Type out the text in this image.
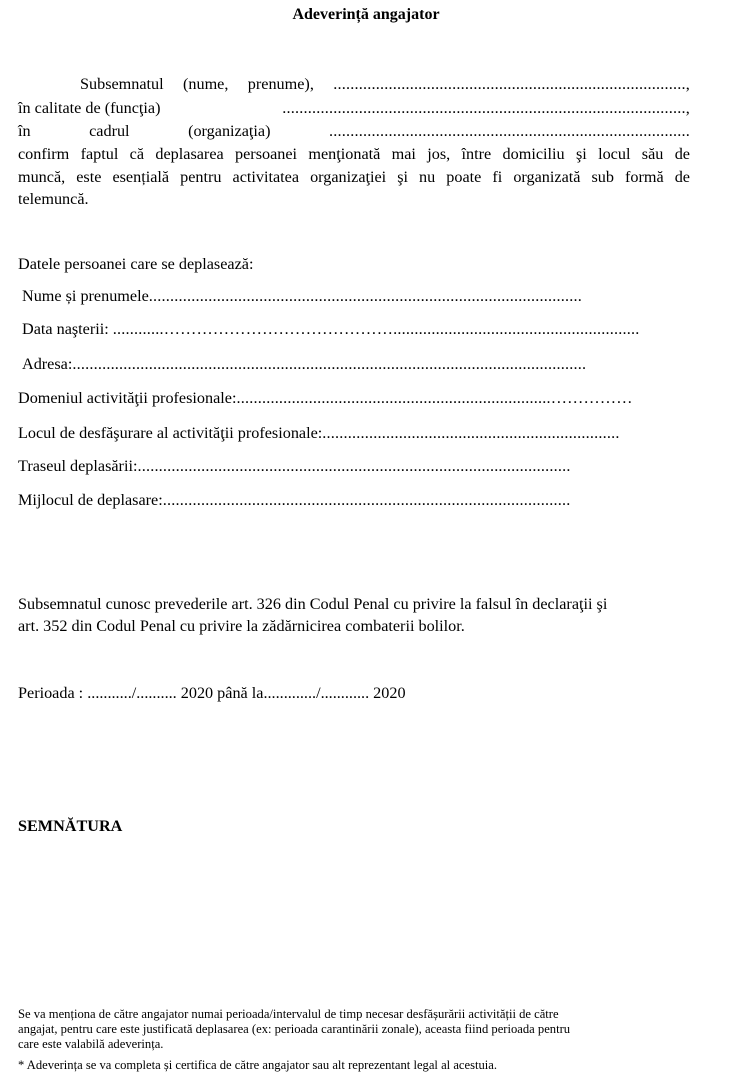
Adeverință angajator
Subsemnatul (nume, prenume), ...................................................................................,
în calitate de (funcţia)	...............................................................................................,
în	cadrul	(organizaţia)	.....................................................................................
confirm faptul că deplasarea persoanei menţionată mai jos, între domiciliu şi locul său de
muncă, este esențială pentru activitatea organizaţiei şi nu poate fi organizată sub formă de
telemuncă.
Datele persoanei care se deplasează:
Nume și prenumele......................................................................................................
Data naşterii: ............……………………………………..........................................................
Adresa:.........................................................................................................................
Domeniul activităţii profesionale:..........................................................................……………
Locul de desfăşurare al activităţii profesionale:......................................................................
Traseul deplasării:......................................................................................................
Mijlocul de deplasare:................................................................................................
Subsemnatul cunosc prevederile art. 326 din Codul Penal cu privire la falsul în declaraţii şi
art. 352 din Codul Penal cu privire la zădărnicirea combaterii bolilor.
Perioada : .........../.......... 2020 până la............./............ 2020
SEMNĂTURA
Se va menționa de către angajator numai perioada/intervalul de timp necesar desfășurării activității de către
angajat, pentru care este justificată deplasarea (ex: perioada carantinării zonale), aceasta fiind perioada pentru
care este valabilă adeverința.
* Adeverința se va completa și certifica de către angajator sau alt reprezentant legal al acestuia.
